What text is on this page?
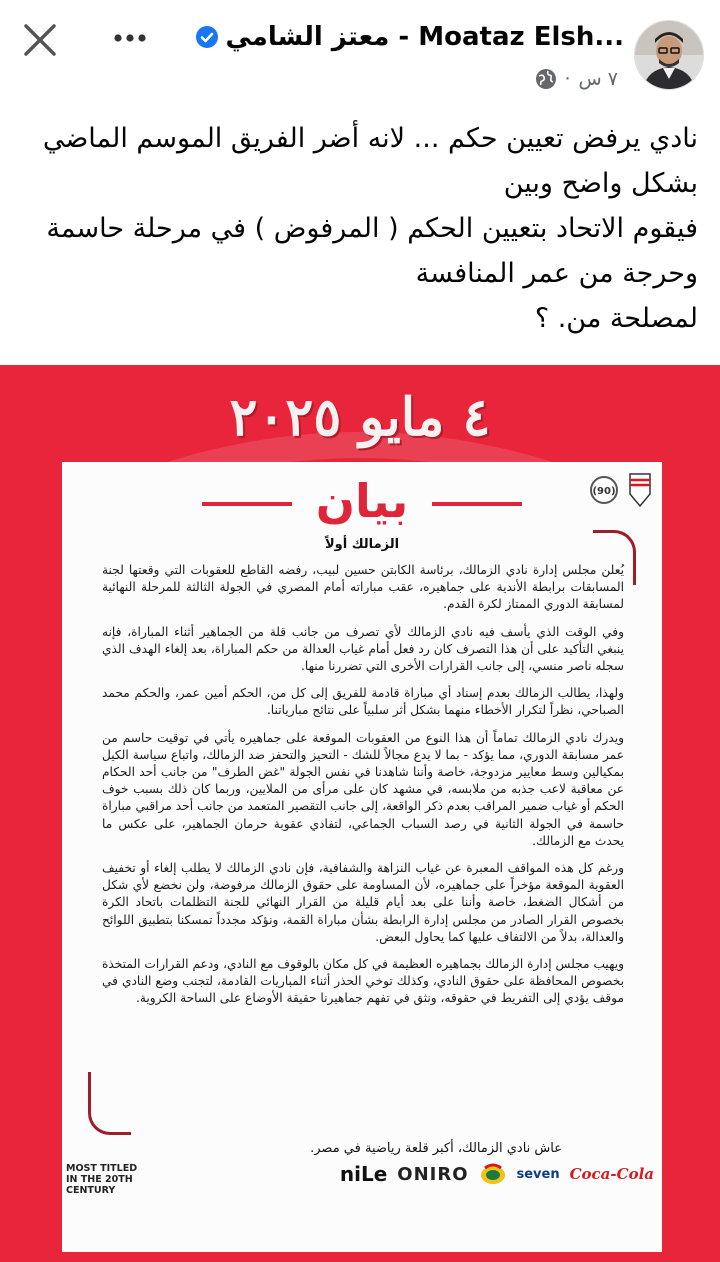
معتز الشامي - Moataz Elsh...
٧ س
·

نادي يرفض تعيين حكم ... لانه أضر الفريق الموسم الماضي

بشكل واضح وبين

فيقوم الاتحاد بتعيين الحكم ( المرفوض ) في مرحلة حاسمة

وحرجة من عمر المنافسة

لمصلحة من. ؟

٤ مايو ٢٠٢٥
(90)
بيان
الزمالك أولاً

يُعلن مجلس إدارة نادي الزمالك، برئاسة الكابتن حسين لبيب، رفضه القاطع للعقوبات التي وقعتها لجنة المسابقات برابطة الأندية على جماهيره، عقب مباراته أمام المصري في الجولة الثالثة للمرحلة النهائية لمسابقة الدوري الممتاز لكرة القدم.

وفي الوقت الذي يأسف فيه نادي الزمالك لأي تصرف من جانب قلة من الجماهير أثناء المباراة، فإنه ينبغي التأكيد على أن هذا التصرف كان رد فعل أمام غياب العدالة من حكم المباراة، بعد إلغاء الهدف الذي سجله ناصر منسي، إلى جانب القرارات الأخرى التي تضررنا منها.

ولهذا، يطالب الزمالك بعدم إسناد أي مباراة قادمة للفريق إلى كل من، الحكم أمين عمر، والحكم محمد الصباحي، نظراً لتكرار الأخطاء منهما بشكل أثر سلبياً على نتائج مبارياتنا.

ويدرك نادي الزمالك تماماً أن هذا النوع من العقوبات الموقعة على جماهيره يأتي في توقيت حاسم من عمر مسابقة الدوري، مما يؤكد - بما لا يدع مجالاً للشك - التحيز والتحفز ضد الزمالك، واتباع سياسة الكيل بمكيالين وسط معايير مزدوجة، خاصة وأننا شاهدنا في نفس الجولة "غض الطرف" من جانب أحد الحكام عن معاقبة لاعب جذبه من ملابسه، في مشهد كان على مرأى من الملايين، وربما كان ذلك بسبب خوف الحكم أو غياب ضمير المراقب بعدم ذكر الواقعة، إلى جانب التقصير المتعمد من جانب أحد مراقبي مباراة حاسمة في الجولة الثانية في رصد السباب الجماعي، لتفادي عقوبة حرمان الجماهير، على عكس ما يحدث مع الزمالك.

ورغم كل هذه المواقف المعبرة عن غياب النزاهة والشفافية، فإن نادي الزمالك لا يطلب إلغاء أو تخفيف العقوبة الموقعة مؤخراً على جماهيره، لأن المساومة على حقوق الزمالك مرفوضة، ولن نخضع لأي شكل من أشكال الضغط، خاصة وأننا على بعد أيام قليلة من القرار النهائي للجنة التظلمات باتحاد الكرة بخصوص القرار الصادر من مجلس إدارة الرابطة بشأن مباراة القمة، ونؤكد مجدداً تمسكنا بتطبيق اللوائح والعدالة، بدلاً من الالتفاف عليها كما يحاول البعض.

ويهيب مجلس إدارة الزمالك بجماهيره العظيمة في كل مكان بالوقوف مع النادي، ودعم القرارات المتخذة بخصوص المحافظة على حقوق النادي، وكذلك توخي الحذر أثناء المباريات القادمة، لتجنب وضع النادي في موقف يؤدي إلى التفريط في حقوقه، ونثق في تفهم جماهيرنا حقيقة الأوضاع على الساحة الكروية.

عاش نادي الزمالك، أكبر قلعة رياضية في مصر.
MOST TITLED
IN THE 20TH
CENTURY
Coca-Cola
seven
ONIRO
niLe
